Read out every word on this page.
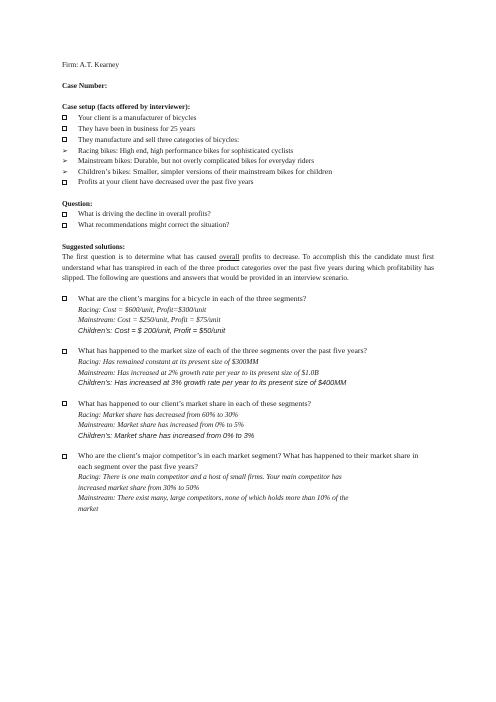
Firm: A.T. Kearney

Case Number:

Case setup (facts offered by interviewer):

Your client is a manufacturer of bicycles
They have been in business for 25 years
They manufacture and sell three categories of bicycles:
➢	Racing bikes: High end, high performance bikes for sophisticated cyclists
➢	Mainstream bikes: Durable, but not overly complicated bikes for everyday riders
➢	Children’s bikes: Smaller, simpler versions of their mainstream bikes for children
Profits at your client have decreased over the past five years

Question:

What is driving the decline in overall profits?
What recommendations might correct the situation?

Suggested solutions:

The first question is to determine what has caused overall profits to decrease. To accomplish this the candidate must first understand what has transpired in each of the three product categories over the past five years during which profitability has slipped. The following are questions and answers that would be provided in an interview scenario.

What are the client’s margins for a bicycle in each of the three segments?
Racing: Cost = $600/unit, Profit=$300/unit
Mainstream: Cost = $250/unit, Profit = $75/unit
Children’s: Cost = $ 200/unit, Profit = $50/unit
What has happened to the market size of each of the three segments over the past five years?
Racing: Has remained constant at its present size of $300MM
Mainstream: Has increased at 2% growth rate per year to its present size of $1.0B
Children’s: Has increased at 3% growth rate per year to its present size of $400MM
What has happened to our client’s market share in each of these segments?
Racing: Market share has decreased from 60% to 30%
Mainstream: Market share has increased from 0% to 5%
Children’s: Market share has increased from 0% to 3%
Who are the client’s major competitor’s in each market segment? What has happened to their market share in each segment over the past five years?
Racing: There is one main competitor and a host of small firms. Your main competitor has
increased market share from 30% to 50%
Mainstream: There exist many, large competitors, none of which holds more than 10% of the
market
